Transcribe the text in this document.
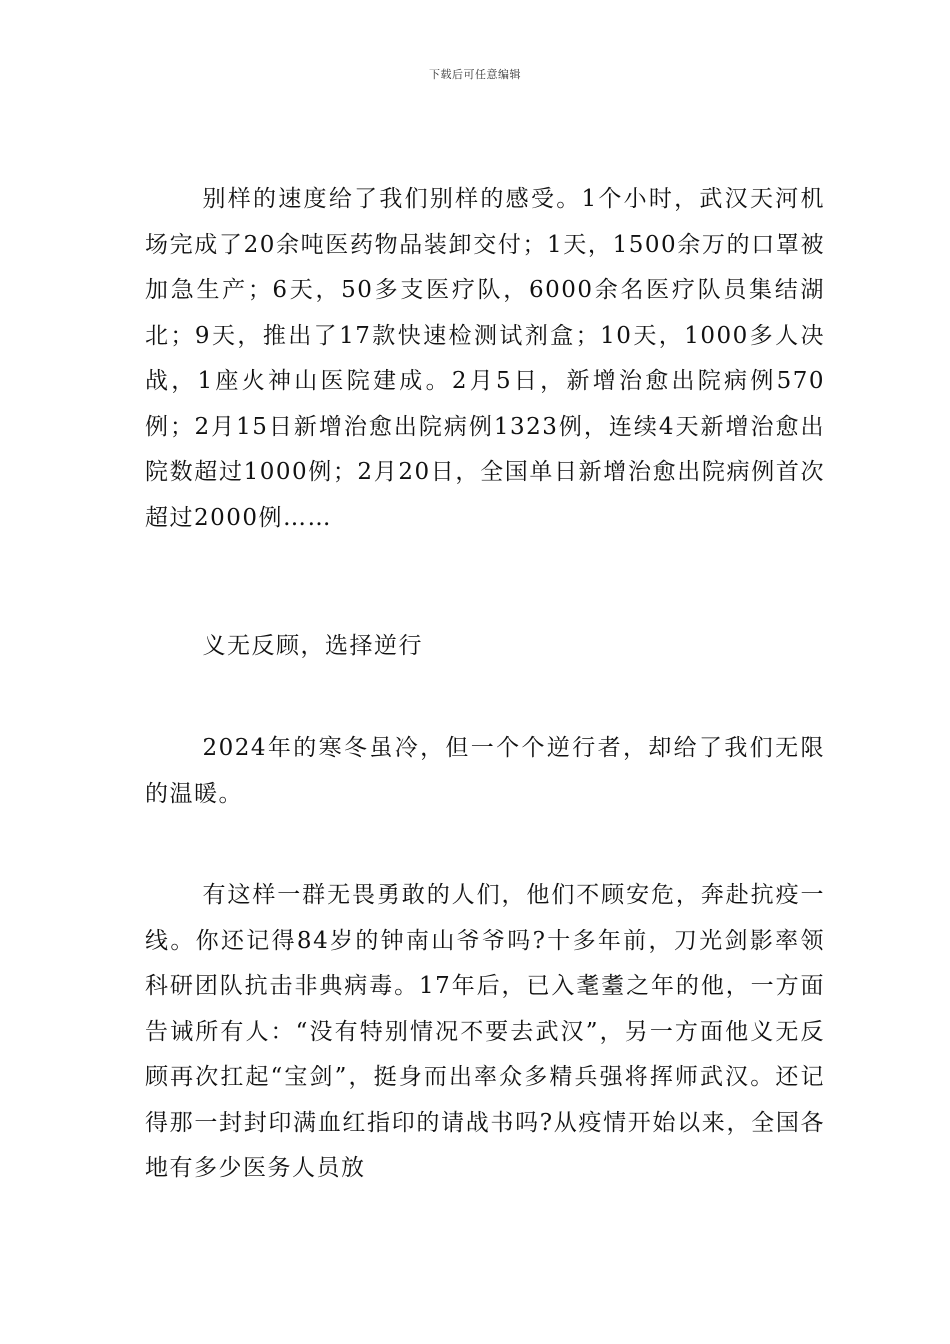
下载后可任意编辑

别样的速度给了我们别样的感受。1个小时，武汉天河机场完成了20余吨医药物品装卸交付；1天，1500余万的口罩被加急生产；6天，50多支医疗队，6000余名医疗队员集结湖北；9天，推出了17款快速检测试剂盒；10天，1000多人决战，1座火神山医院建成。2月5日，新增治愈出院病例570例；2月15日新增治愈出院病例1323例，连续4天新增治愈出院数超过1000例；2月20日，全国单日新增治愈出院病例首次超过2000例……

义无反顾，选择逆行

2024年的寒冬虽冷，但一个个逆行者，却给了我们无限的温暖。

有这样一群无畏勇敢的人们，他们不顾安危，奔赴抗疫一线。你还记得84岁的钟南山爷爷吗?十多年前，刀光剑影率领科研团队抗击非典病毒。17年后，已入耄耋之年的他，一方面告诫所有人：“没有特别情况不要去武汉”，另一方面他义无反顾再次扛起“宝剑”，挺身而出率众多精兵强将挥师武汉。还记得那一封封印满血红指印的请战书吗?从疫情开始以来，全国各地有多少医务人员放
